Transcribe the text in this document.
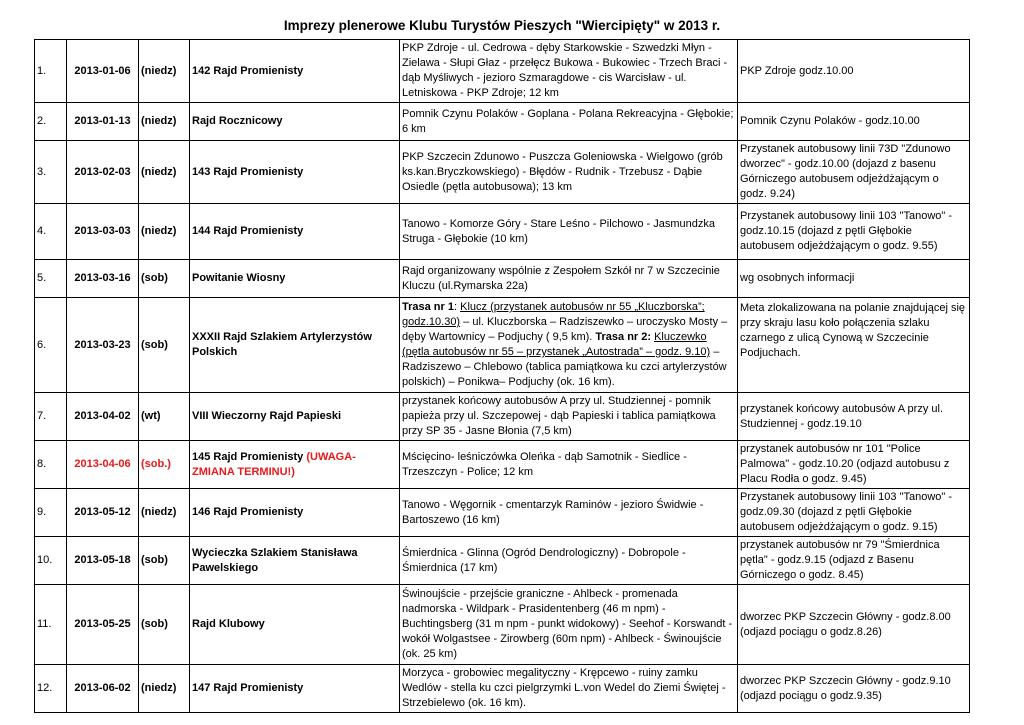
Imprezy plenerowe Klubu Turystów Pieszych "Wiercipięty" w 2013 r.
1.	2013-01-06	(niedz)	142 Rajd Promienisty	PKP Zdroje - ul. Cedrowa - dęby Starkowskie - Szwedzki Młyn - Zielawa - Słupi Głaz - przełęcz Bukowa - Bukowiec - Trzech Braci - dąb Myśliwych - jezioro Szmaragdowe - cis Warcisław - ul. Letniskowa - PKP Zdroje; 12 km	PKP Zdroje godz.10.00
2.	2013-01-13	(niedz)	Rajd Rocznicowy	Pomnik Czynu Polaków - Goplana - Polana Rekreacyjna - Głębokie; 6 km	Pomnik Czynu Polaków - godz.10.00
3.	2013-02-03	(niedz)	143 Rajd Promienisty	PKP Szczecin Zdunowo - Puszcza Goleniowska - Wielgowo (grób ks.kan.Bryczkowskiego) - Błędów - Rudnik - Trzebusz - Dąbie Osiedle (pętla autobusowa); 13 km	Przystanek autobusowy linii 73D "Zdunowo dworzec" - godz.10.00 (dojazd z basenu Górniczego autobusem odjeżdżającym o godz. 9.24)
4.	2013-03-03	(niedz)	144 Rajd Promienisty	Tanowo - Komorze Góry - Stare Leśno - Pilchowo - Jasmundzka Struga - Głębokie (10 km)	Przystanek autobusowy linii 103 "Tanowo" - godz.10.15 (dojazd z pętli Głębokie autobusem odjeżdżającym o godz. 9.55)
5.	2013-03-16	(sob)	Powitanie Wiosny	Rajd organizowany wspólnie z Zespołem Szkół nr 7 w Szczecinie Kluczu (ul.Rymarska 22a)	wg osobnych informacji
6.	2013-03-23	(sob)	XXXII Rajd Szlakiem Artylerzystów Polskich	Trasa nr 1: Klucz (przystanek autobusów nr 55 „Kluczborska”; godz.10.30) – ul. Kluczborska – Radziszewko – uroczysko Mosty – dęby Wartownicy – Podjuchy ( 9,5 km). Trasa nr 2: Kluczewko (pętla autobusów nr 55 – przystanek „Autostrada” – godz. 9.10) – Radziszewo – Chlebowo (tablica pamiątkowa ku czci artylerzystów polskich) – Ponikwa– Podjuchy (ok. 16 km).	Meta zlokalizowana na polanie znajdującej się przy skraju lasu koło połączenia szlaku czarnego z ulicą Cynową w Szczecinie Podjuchach.
7.	2013-04-02	(wt)	VIII Wieczorny Rajd Papieski	przystanek końcowy autobusów A przy ul. Studziennej - pomnik papieża przy ul. Szczepowej - dąb Papieski i tablica pamiątkowa przy SP 35 - Jasne Błonia (7,5 km)	przystanek końcowy autobusów A przy ul. Studziennej - godz.19.10
8.	2013-04-06	(sob.)	145 Rajd Promienisty (UWAGA-ZMIANA TERMINU!)	Mścięcino- leśniczówka Oleńka - dąb Samotnik - Siedlice - Trzeszczyn - Police; 12 km	przystanek autobusów nr 101 "Police Palmowa" - godz.10.20 (odjazd autobusu z Placu Rodła o godz. 9.45)
9.	2013-05-12	(niedz)	146 Rajd Promienisty	Tanowo - Węgornik - cmentarzyk Raminów - jezioro Świdwie - Bartoszewo (16 km)	Przystanek autobusowy linii 103 "Tanowo" - godz.09.30 (dojazd z pętli Głębokie autobusem odjeżdżającym o godz. 9.15)
10.	2013-05-18	(sob)	Wycieczka Szlakiem Stanisława Pawelskiego	Śmierdnica - Glinna (Ogród Dendrologiczny) - Dobropole - Śmierdnica (17 km)	przystanek autobusów nr 79 "Śmierdnica pętla" - godz.9.15 (odjazd z Basenu Górniczego o godz. 8.45)
11.	2013-05-25	(sob)	Rajd Klubowy	Świnoujście - przejście graniczne - Ahlbeck - promenada nadmorska - Wildpark - Prasidentenberg (46 m npm) - Buchtingsberg (31 m npm - punkt widokowy) - Seehof - Korswandt - wokół Wolgastsee - Zirowberg (60m npm) - Ahlbeck - Świnoujście (ok. 25 km)	dworzec PKP Szczecin Główny - godz.8.00 (odjazd pociągu o godz.8.26)
12.	2013-06-02	(niedz)	147 Rajd Promienisty	Morzyca - grobowiec megalityczny - Krępcewo - ruiny zamku Wedlów - stella ku czci pielgrzymki L.von Wedel do Ziemi Świętej - Strzebielewo (ok. 16 km).	dworzec PKP Szczecin Główny - godz.9.10 (odjazd pociągu o godz.9.35)
